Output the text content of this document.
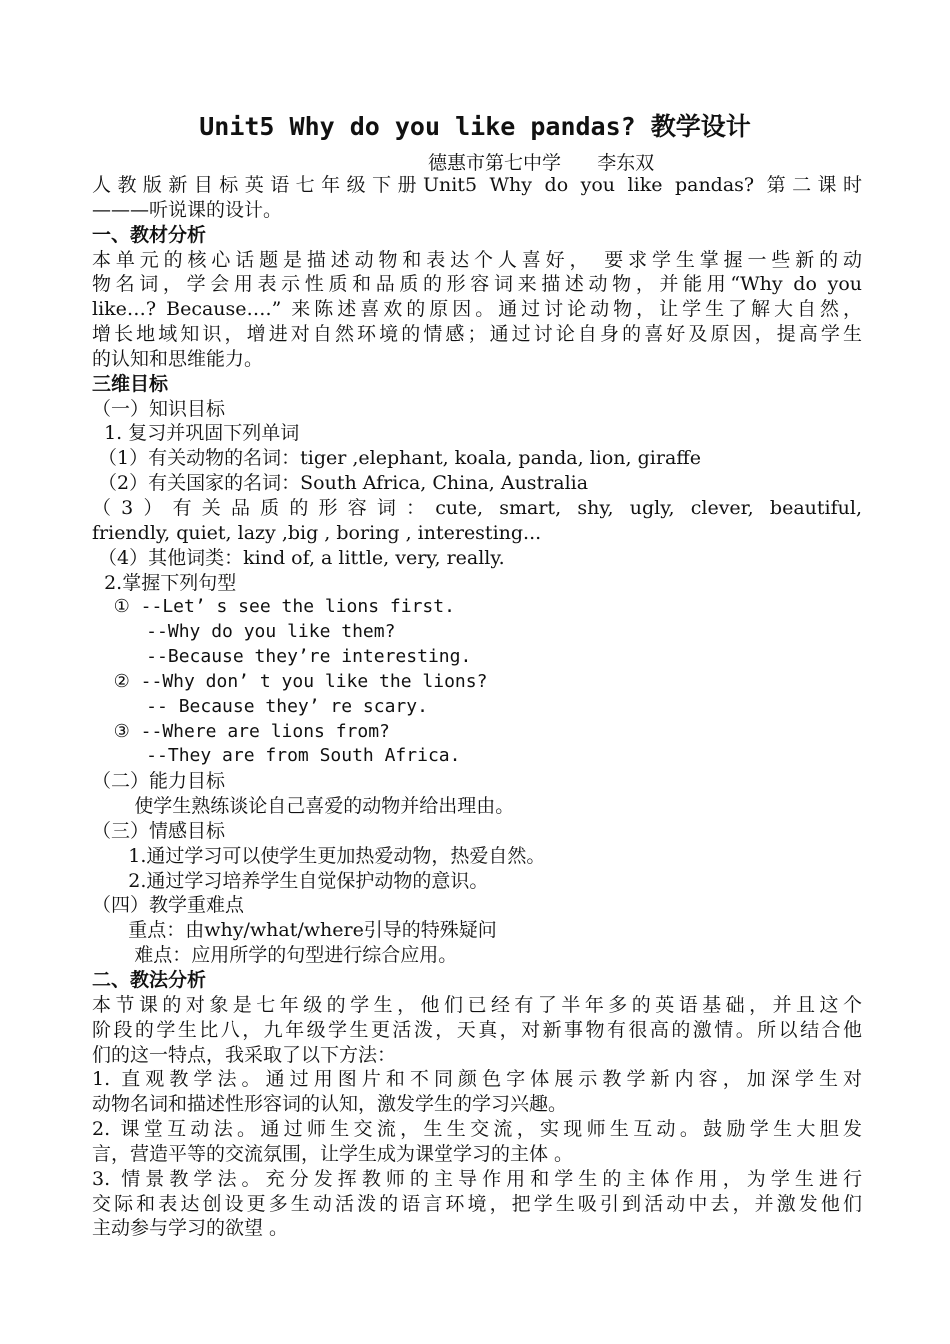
Unit5 Why do you like pandas? 教学设计
德惠市第七中学      李东双
人教版新目标英语七年级下册Unit5 Why do you like pandas? 第二课时
———听说课的设计。
一、教材分析
本单元的核心话题是描述动物和表达个人喜好， 要求学生掌握一些新的动
物名词，学会用表示性质和品质的形容词来描述动物，并能用“Why do you
like…? Because….” 来陈述喜欢的原因。通过讨论动物，让学生了解大自然，
增长地域知识，增进对自然环境的情感；通过讨论自身的喜好及原因，提高学生
的认知和思维能力。
三维目标
（一）知识目标
1. 复习并巩固下列单词
（1）有关动物的名词：tiger ,elephant, koala, panda, lion, giraffe
（2）有关国家的名词：South Africa, China, Australia
（3）有关品质的形容词：cute, smart, shy, ugly, clever, beautiful,
friendly, quiet, lazy ,big , boring , interesting...
（4）其他词类：kind of, a little, very, really.
2.掌握下列句型
① --Let’ s see the lions first.
--Why do you like them?
--Because they’re interesting.
② --Why don’ t you like the lions?
-- Because they’ re scary.
③ --Where are lions from?
--They are from South Africa.
（二）能力目标
使学生熟练谈论自己喜爱的动物并给出理由。
（三）情感目标
1.通过学习可以使学生更加热爱动物，热爱自然。
2.通过学习培养学生自觉保护动物的意识。
（四）教学重难点
重点：由why/what/where引导的特殊疑问
难点：应用所学的句型进行综合应用。
二、教法分析
本节课的对象是七年级的学生，他们已经有了半年多的英语基础，并且这个
阶段的学生比八，九年级学生更活泼，天真，对新事物有很高的激情。所以结合他
们的这一特点，我采取了以下方法：
1. 直观教学法。通过用图片和不同颜色字体展示教学新内容，加深学生对
动物名词和描述性形容词的认知，激发学生的学习兴趣。
2. 课堂互动法。通过师生交流，生生交流，实现师生互动。鼓励学生大胆发
言，营造平等的交流氛围，让学生成为课堂学习的主体 。
3. 情景教学法。充分发挥教师的主导作用和学生的主体作用，为学生进行
交际和表达创设更多生动活泼的语言环境，把学生吸引到活动中去，并激发他们
主动参与学习的欲望 。
